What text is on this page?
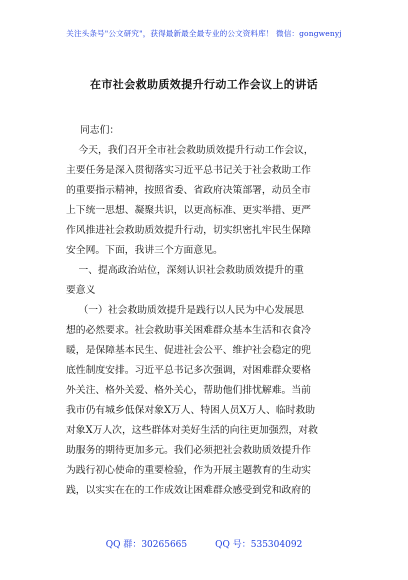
关注头条号"公文研究"，获得最新最全最专业的公文资料库！ 微信：gongwenyj
在市社会救助质效提升行动工作会议上的讲话

同志们：

今天，我们召开全市社会救助质效提升行动工作会议，

主要任务是深入贯彻落实习近平总书记关于社会救助工作

的重要指示精神，按照省委、省政府决策部署，动员全市

上下统一思想、凝聚共识，以更高标准、更实举措、更严

作风推进社会救助质效提升行动，切实织密扎牢民生保障

安全网。下面，我讲三个方面意见。

一、提高政治站位，深刻认识社会救助质效提升的重

要意义

（一）社会救助质效提升是践行以人民为中心发展思

想的必然要求。社会救助事关困难群众基本生活和衣食冷

暖，是保障基本民生、促进社会公平、维护社会稳定的兜

底性制度安排。习近平总书记多次强调，对困难群众要格

外关注、格外关爱、格外关心，帮助他们排忧解难。当前

我市仍有城乡低保对象X万人、特困人员X万人、临时救助

对象X万人次，这些群体对美好生活的向往更加强烈，对救

助服务的期待更加多元。我们必须把社会救助质效提升作

为践行初心使命的重要检验，作为开展主题教育的生动实

践，以实实在在的工作成效让困难群众感受到党和政府的

QQ 群：30265665	QQ 号：535304092
